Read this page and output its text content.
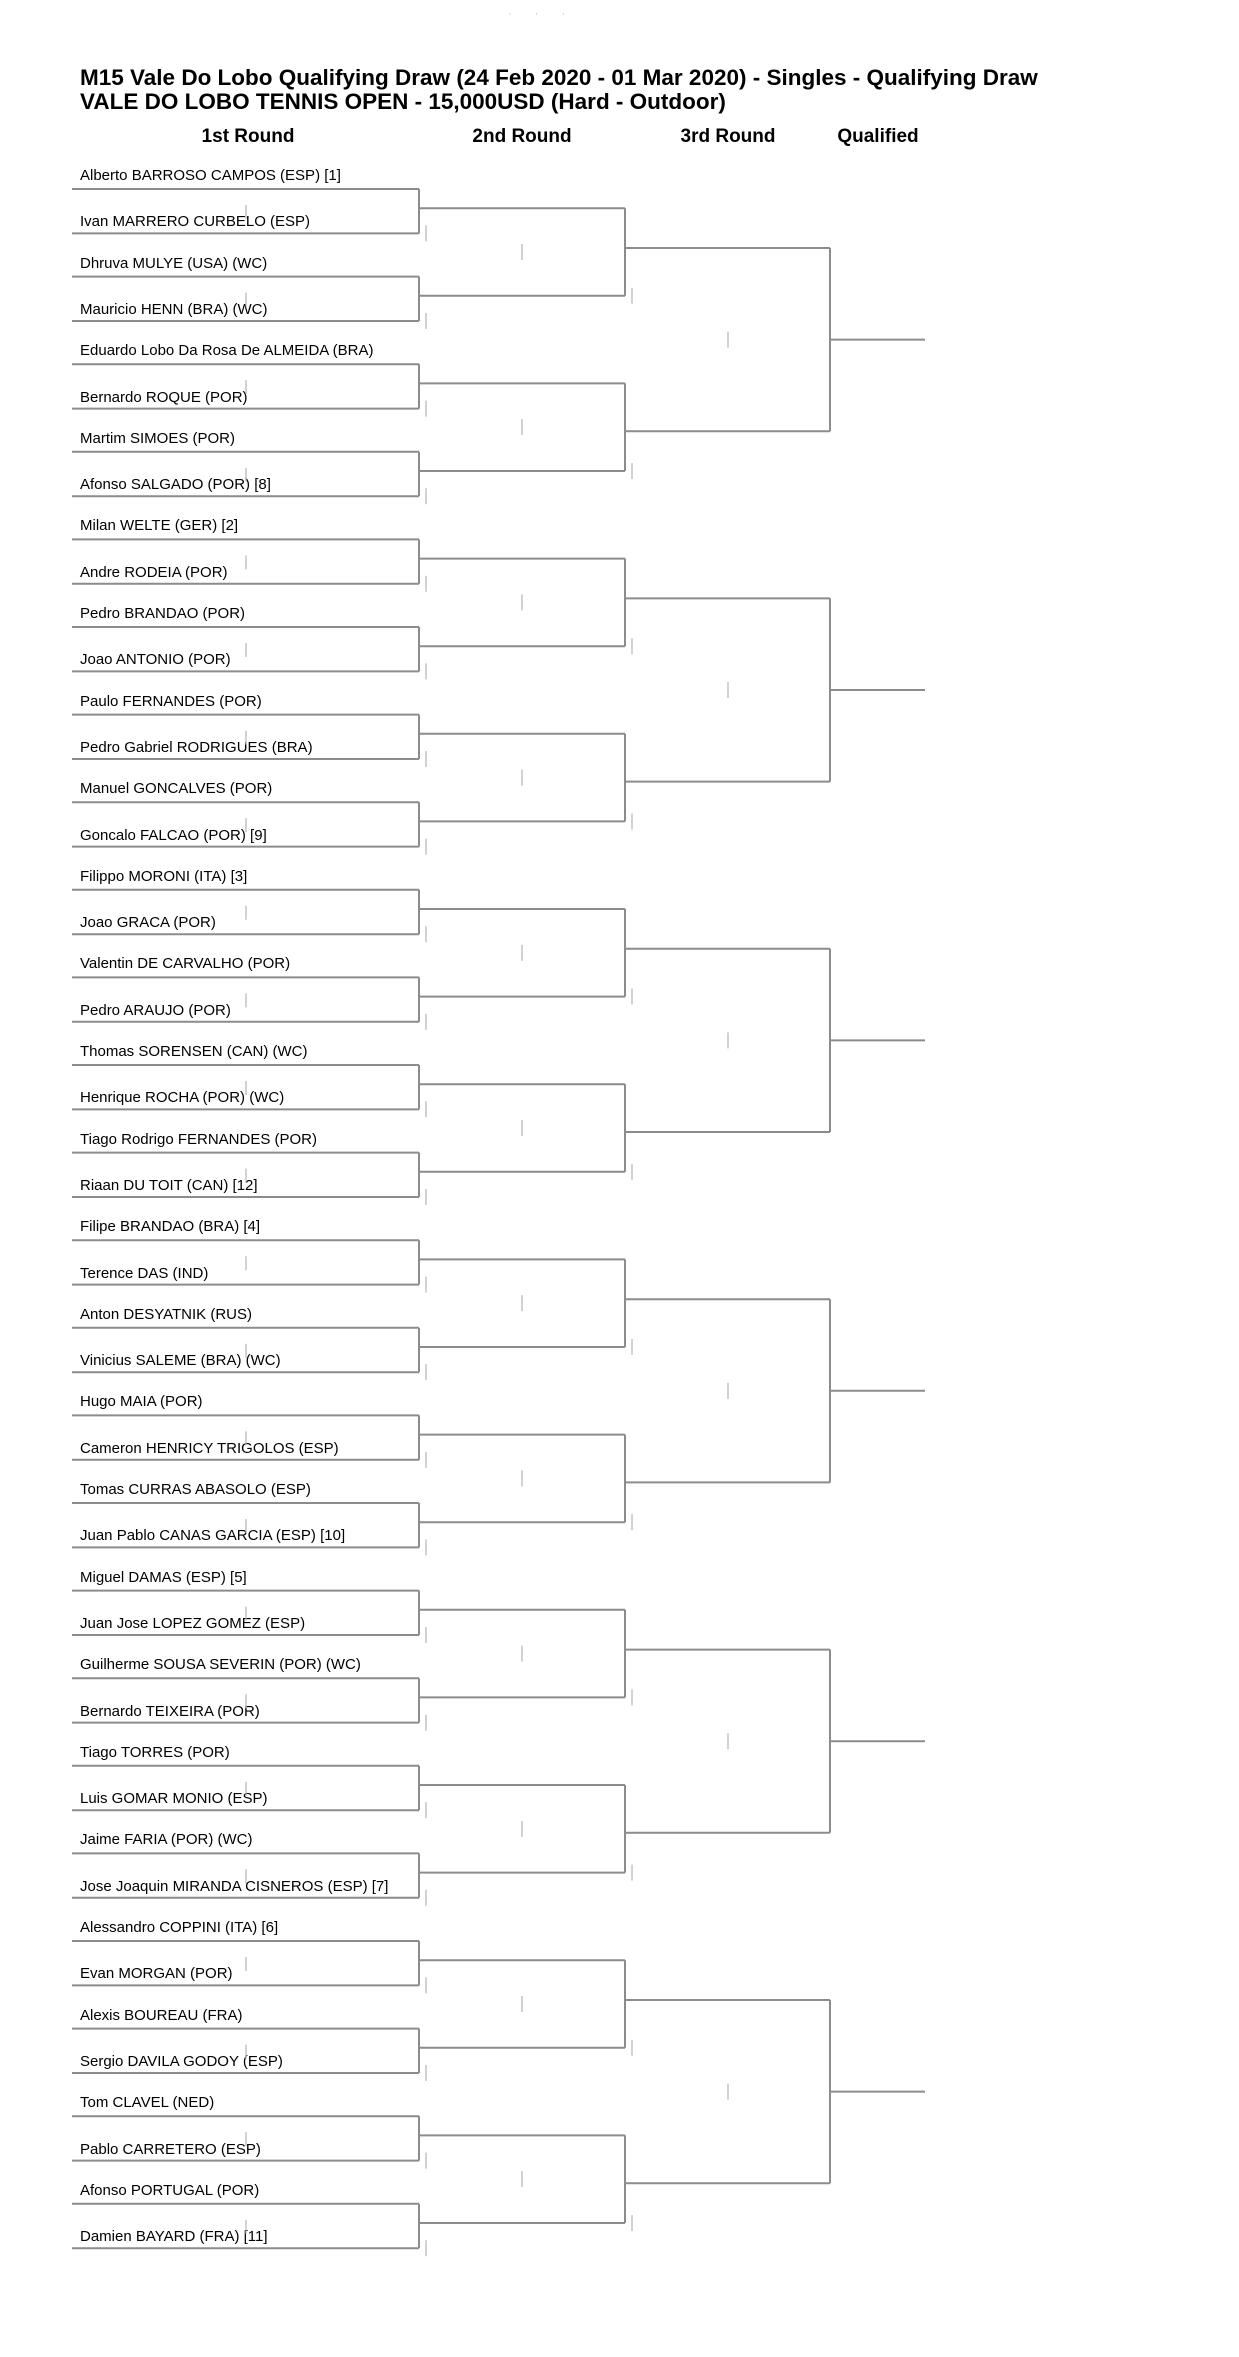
· · ·
M15 Vale Do Lobo Qualifying Draw (24 Feb 2020 - 01 Mar 2020) - Singles - Qualifying Draw
VALE DO LOBO TENNIS OPEN - 15,000USD (Hard - Outdoor)
1st Round	2nd Round	3rd Round	Qualified
Alberto BARROSO CAMPOS (ESP) [1]
Ivan MARRERO CURBELO (ESP)
Dhruva MULYE (USA) (WC)
Mauricio HENN (BRA) (WC)
Eduardo Lobo Da Rosa De ALMEIDA (BRA)
Bernardo ROQUE (POR)
Martim SIMOES (POR)
Afonso SALGADO (POR) [8]
Milan WELTE (GER) [2]
Andre RODEIA (POR)
Pedro BRANDAO (POR)
Joao ANTONIO (POR)
Paulo FERNANDES (POR)
Pedro Gabriel RODRIGUES (BRA)
Manuel GONCALVES (POR)
Goncalo FALCAO (POR) [9]
Filippo MORONI (ITA) [3]
Joao GRACA (POR)
Valentin DE CARVALHO (POR)
Pedro ARAUJO (POR)
Thomas SORENSEN (CAN) (WC)
Henrique ROCHA (POR) (WC)
Tiago Rodrigo FERNANDES (POR)
Riaan DU TOIT (CAN) [12]
Filipe BRANDAO (BRA) [4]
Terence DAS (IND)
Anton DESYATNIK (RUS)
Vinicius SALEME (BRA) (WC)
Hugo MAIA (POR)
Cameron HENRICY TRIGOLOS (ESP)
Tomas CURRAS ABASOLO (ESP)
Juan Pablo CANAS GARCIA (ESP) [10]
Miguel DAMAS (ESP) [5]
Juan Jose LOPEZ GOMEZ (ESP)
Guilherme SOUSA SEVERIN (POR) (WC)
Bernardo TEIXEIRA (POR)
Tiago TORRES (POR)
Luis GOMAR MONIO (ESP)
Jaime FARIA (POR) (WC)
Jose Joaquin MIRANDA CISNEROS (ESP) [7]
Alessandro COPPINI (ITA) [6]
Evan MORGAN (POR)
Alexis BOUREAU (FRA)
Sergio DAVILA GODOY (ESP)
Tom CLAVEL (NED)
Pablo CARRETERO (ESP)
Afonso PORTUGAL (POR)
Damien BAYARD (FRA) [11]
